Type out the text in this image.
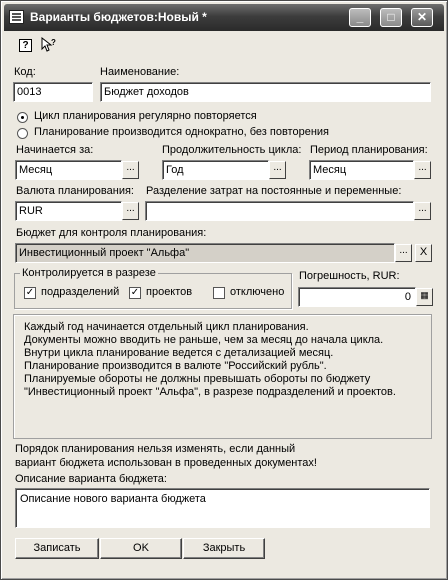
Варианты бюджетов:Новый *	_	□	✕
?	?
Код:	Наименование:
0013	Бюджет доходов
Цикл планирования регулярно повторяется
Планирование производится однократно, без повторения
Начинается за:	Продолжительность цикла: Период планирования:
Месяц	...	Год	...	Месяц	...
Валюта планирования: Разделение затрат на постоянные и переменные:
RUR	...	...
Бюджет для контроля планирования:
Инвестиционный проект "Альфа"	...	X
Контролируется в разрезе
✓ подразделений ✓ проектов	отключено
Погрешность, RUR:
0	▦
Каждый год начинается отдельный цикл планирования.
Документы можно вводить не раньше, чем за месяц до начала цикла.
Внутри цикла планирование ведется с детализацией месяц.
Планирование производится в валюте "Российский рубль".
Планируемые обороты не должны превышать обороты по бюджету
"Инвестиционный проект "Альфа", в разрезе подразделений и проектов.
Порядок планирования нельзя изменять, если данный
вариант бюджета использован в проведенных документах!
Описание варианта бюджета:
Описание нового варианта бюджета
Записать	OK	Закрыть
